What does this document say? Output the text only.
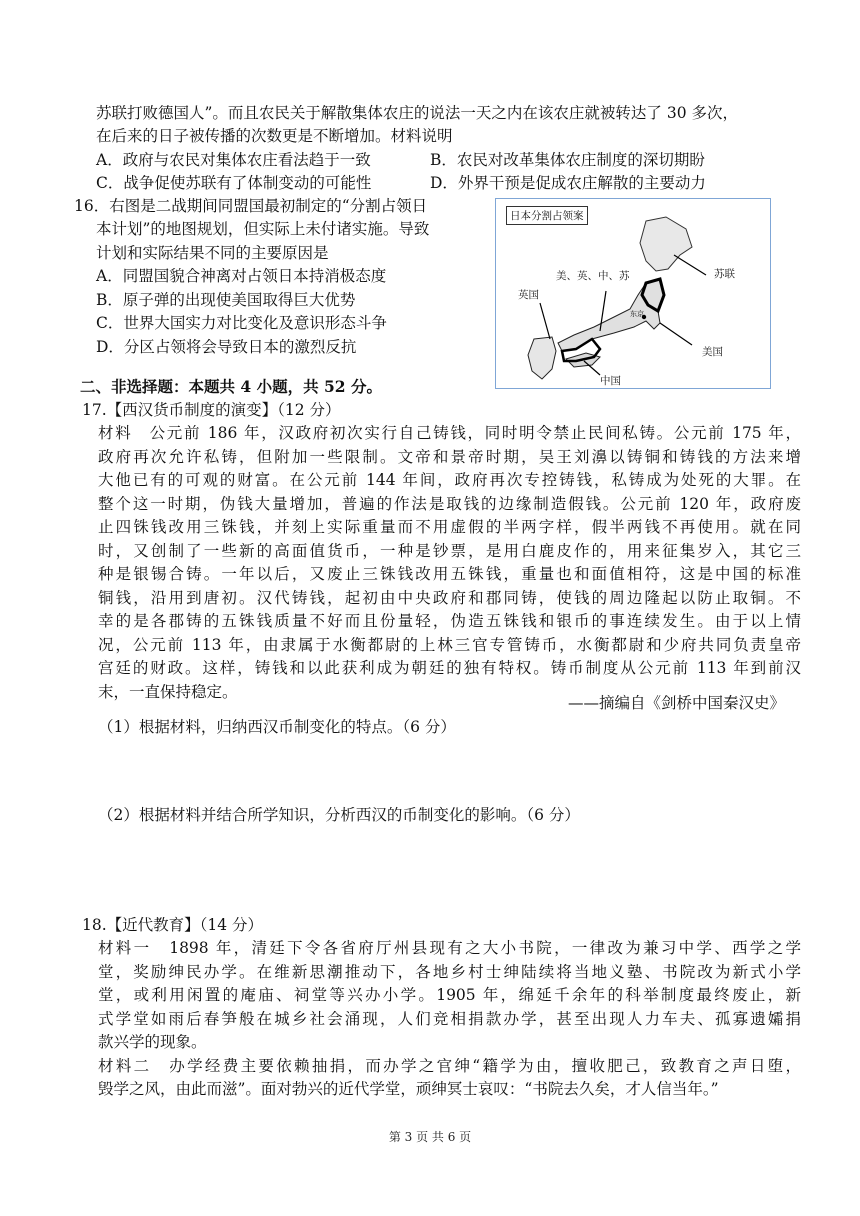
苏联打败德国人”。而且农民关于解散集体农庄的说法一天之内在该农庄就被转达了 30 多次，
在后来的日子被传播的次数更是不断增加。材料说明
A．政府与农民对集体农庄看法趋于一致	B．农民对改革集体农庄制度的深切期盼
C．战争促使苏联有了体制变动的可能性	D．外界干预是促成农庄解散的主要动力
16．右图是二战期间同盟国最初制定的“分割占领日
本计划”的地图规划，但实际上未付诸实施。导致
计划和实际结果不同的主要原因是
A．同盟国貌合神离对占领日本持消极态度
B．原子弹的出现使美国取得巨大优势
C．世界大国实力对比变化及意识形态斗争
D．分区占领将会导致日本的激烈反抗
日本分割占领案
美、英、中、苏	苏联
英国
东京
美国
中国
二、非选择题：本题共 4 小题，共 52 分。
17.【西汉货币制度的演变】（12 分）
材料　公元前 186 年，汉政府初次实行自己铸钱，同时明令禁止民间私铸。公元前 175 年，
政府再次允许私铸，但附加一些限制。文帝和景帝时期，吴王刘濞以铸铜和铸钱的方法来增
大他已有的可观的财富。在公元前 144 年间，政府再次专控铸钱，私铸成为处死的大罪。在
整个这一时期，伪钱大量增加，普遍的作法是取钱的边缘制造假钱。公元前 120 年，政府废
止四铢钱改用三铢钱，并刻上实际重量而不用虚假的半两字样，假半两钱不再使用。就在同
时，又创制了一些新的高面值货币，一种是钞票，是用白鹿皮作的，用来征集岁入，其它三
种是银锡合铸。一年以后，又废止三铢钱改用五铢钱，重量也和面值相符，这是中国的标准
铜钱，沿用到唐初。汉代铸钱，起初由中央政府和郡同铸，使钱的周边隆起以防止取铜。不
幸的是各郡铸的五铢钱质量不好而且份量轻，伪造五铢钱和银币的事连续发生。由于以上情
况，公元前 113 年，由隶属于水衡都尉的上林三官专管铸币，水衡都尉和少府共同负责皇帝
宫廷的财政。这样，铸钱和以此获利成为朝廷的独有特权。铸币制度从公元前 113 年到前汉
末，一直保持稳定。
——摘编自《剑桥中国秦汉史》
（1）根据材料，归纳西汉币制变化的特点。（6 分）
（2）根据材料并结合所学知识，分析西汉的币制变化的影响。（6 分）
18.【近代教育】（14 分）
材料一　1898 年，清廷下令各省府厅州县现有之大小书院，一律改为兼习中学、西学之学
堂，奖励绅民办学。在维新思潮推动下，各地乡村士绅陆续将当地义塾、书院改为新式小学
堂，或利用闲置的庵庙、祠堂等兴办小学。1905 年，绵延千余年的科举制度最终废止，新
式学堂如雨后春笋般在城乡社会涌现，人们竞相捐款办学，甚至出现人力车夫、孤寡遗孀捐
款兴学的现象。
材料二　办学经费主要依赖抽捐，而办学之官绅“籍学为由，擅收肥己，致教育之声日堕，
毁学之风，由此而滋”。面对勃兴的近代学堂，顽绅冥士哀叹：“书院去久矣，才人信当年。”
第 3 页 共 6 页
